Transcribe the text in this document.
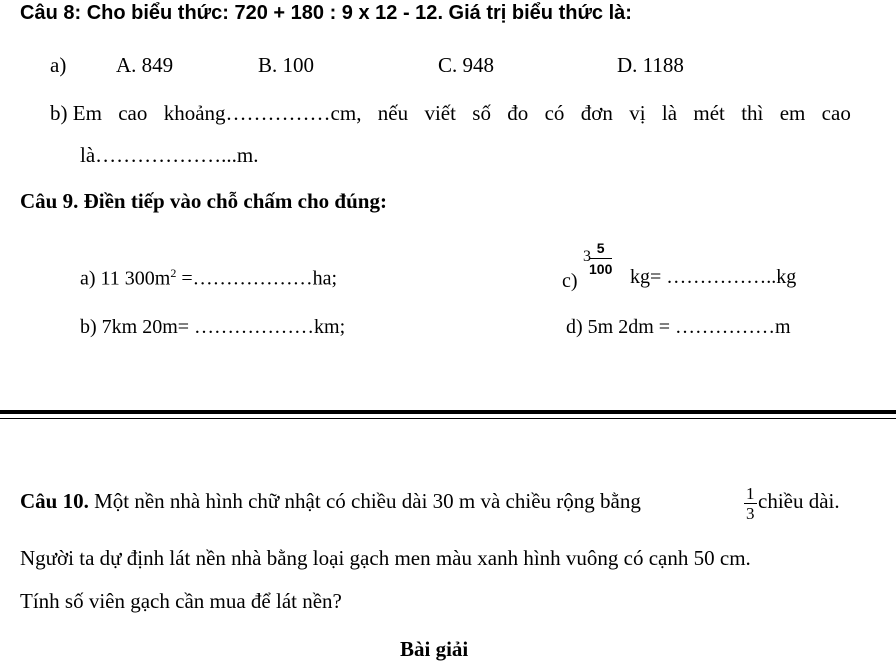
Câu 8: Cho biểu thức: 720 + 180 : 9 x 12 - 12. Giá trị biểu thức là:
a) A. 849	B. 100	C. 948	D. 1188
b) Em cao khoảng……………cm, nếu viết số đo có đơn vị là mét thì em cao
là………………...m.
Câu 9. Điền tiếp vào chỗ chấm cho đúng:
a) 11 $300m^2$ =………………ha;	c)
3
$\frac{5}{100} kg=$ ……………..kg
b) 7km 20m= ………………km;	d) 5m 2dm = ……………m
Câu 10. Một nền nhà hình chữ nhật có chiều dài 30 m và chiều rộng bằng	$\frac{1}{3}$ chiều dài.
Người ta dự định lát nền nhà bằng loại gạch men màu xanh hình vuông có cạnh 50 cm.
Tính số viên gạch cần mua để lát nền?
Bài giải
